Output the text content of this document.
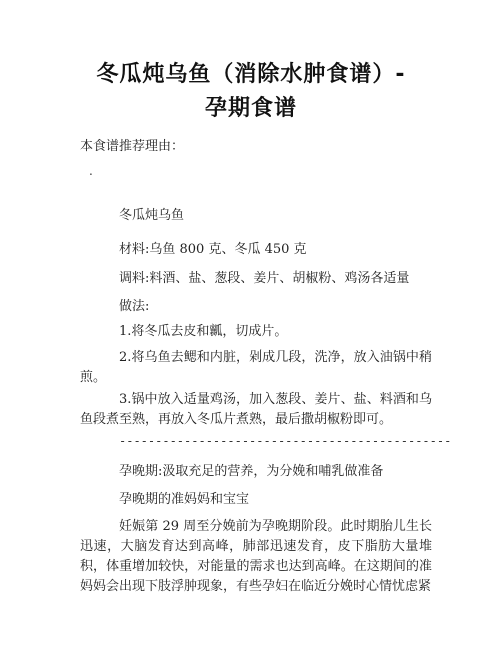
冬瓜炖乌鱼（消除水肿食谱）-
孕期食谱

本食谱推荐理由：

.

冬瓜炖乌鱼

材料:乌鱼 800 克、冬瓜 450 克

调料:料酒、盐、葱段、姜片、胡椒粉、鸡汤各适量

做法:

1.将冬瓜去皮和瓤，切成片。

2.将乌鱼去鳃和内脏，剁成几段，洗净，放入油锅中稍煎。

3.锅中放入适量鸡汤，加入葱段、姜片、盐、料酒和乌鱼段煮至熟，再放入冬瓜片煮熟，最后撒胡椒粉即可。

----------------------------------------------

孕晚期:汲取充足的营养，为分娩和哺乳做准备

孕晚期的准妈妈和宝宝

妊娠第 29 周至分娩前为孕晚期阶段。此时期胎儿生长迅速，大脑发育达到高峰，肺部迅速发育，皮下脂肪大量堆积，体重增加较快，对能量的需求也达到高峰。在这期间的准妈妈会出现下肢浮肿现象，有些孕妇在临近分娩时心情忧虑紧
